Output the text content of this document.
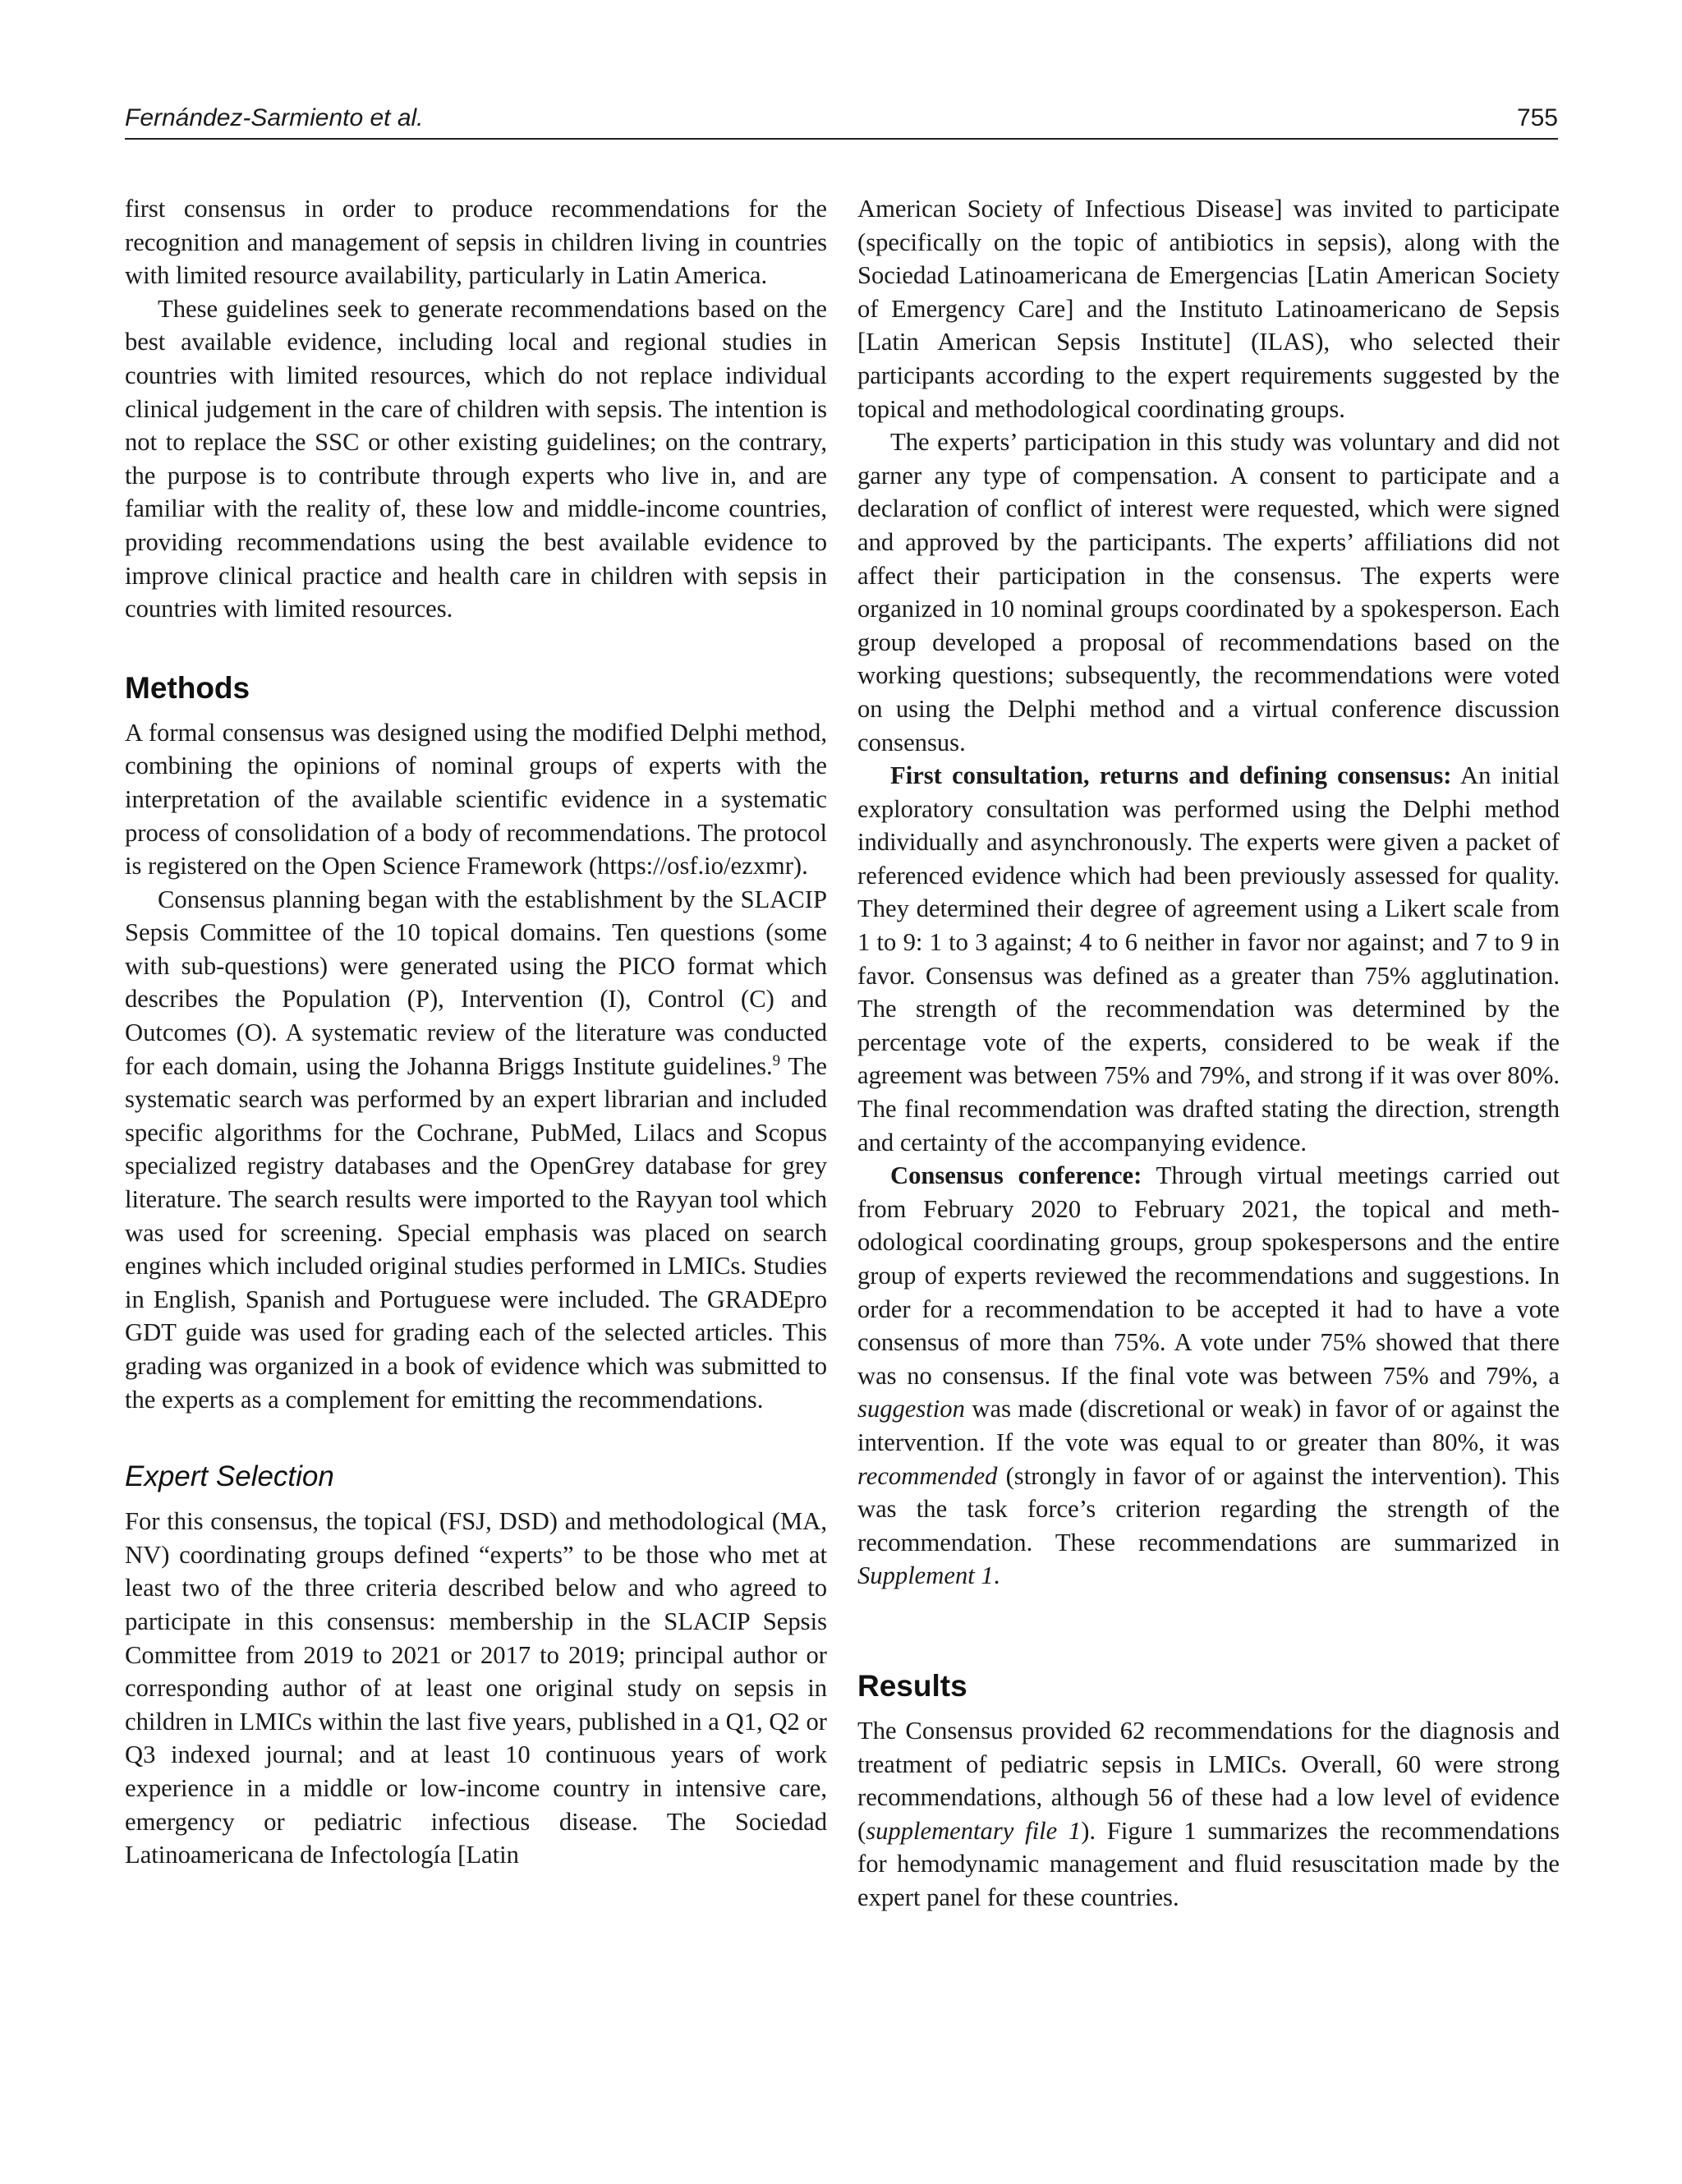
Fernández-Sarmiento et al.	755

first consensus in order to produce recommendations for the recognition and management of sepsis in children living in countries with limited resource availability, particularly in Latin America.

These guidelines seek to generate recommendations based on the best available evidence, including local and regional studies in countries with limited resources, which do not replace individual clinical judgement in the care of children with sepsis. The intention is not to replace the SSC or other existing guidelines; on the contrary, the purpose is to contribute through experts who live in, and are familiar with the reality of, these low and middle-income countries, providing recommendations using the best available evidence to improve clinical practice and health care in children with sepsis in countries with limited resources.

Methods

A formal consensus was designed using the modified Delphi method, combining the opinions of nominal groups of experts with the interpretation of the available scientific evidence in a systematic process of consolidation of a body of recommendations. The protocol is registered on the Open Science Framework (https://osf.io/ezxmr).

Consensus planning began with the establishment by the SLACIP Sepsis Committee of the 10 topical domains. Ten questions (some with sub-questions) were generated using the PICO format which describes the Population (P), Intervention (I), Control (C) and Outcomes (O). A systematic review of the literature was conducted for each domain, using the Johanna Briggs Institute guidelines.$^9$ The systematic search was performed by an expert librarian and included specific algorithms for the Cochrane, PubMed, Lilacs and Scopus specialized registry databases and the OpenGrey database for grey literature. The search results were imported to the Rayyan tool which was used for screening. Special emphasis was placed on search engines which included original studies performed in LMICs. Studies in English, Spanish and Portuguese were included. The GRADEpro GDT guide was used for grading each of the selected articles. This grading was organized in a book of evidence which was submitted to the experts as a complement for emitting the recommendations.

Expert Selection

For this consensus, the topical (FSJ, DSD) and methodological (MA, NV) coordinating groups defined “experts” to be those who met at least two of the three criteria described below and who agreed to participate in this consensus: membership in the SLACIP Sepsis Committee from 2019 to 2021 or 2017 to 2019; principal author or corresponding author of at least one original study on sepsis in children in LMICs within the last five years, published in a Q1, Q2 or Q3 indexed journal; and at least 10 continuous years of work experience in a middle or low-income country in intensive care, emergency or pediatric infectious disease. The Sociedad Latinoamericana de Infectología [Latin

American Society of Infectious Disease] was invited to participate (specifically on the topic of antibiotics in sepsis), along with the Sociedad Latinoamericana de Emergencias [Latin American Society of Emergency Care] and the Instituto Latinoamericano de Sepsis [Latin American Sepsis Institute] (ILAS), who selected their participants according to the expert requirements suggested by the topical and methodological coordinating groups.

The experts’ participation in this study was voluntary and did not garner any type of compensation. A consent to participate and a declaration of conflict of interest were requested, which were signed and approved by the participants. The experts’ affiliations did not affect their participation in the consensus. The experts were organized in 10 nominal groups coordinated by a spokesperson. Each group developed a proposal of recommendations based on the working questions; subsequently, the recommendations were voted on using the Delphi method and a virtual conference discussion consensus.

First consultation, returns and defining consensus: An initial exploratory consultation was performed using the Delphi method individually and asynchronously. The experts were given a packet of referenced evidence which had been previously assessed for quality. They determined their degree of agreement using a Likert scale from 1 to 9: 1 to 3 against; 4 to 6 neither in favor nor against; and 7 to 9 in favor. Consensus was defined as a greater than 75% agglutination. The strength of the recommendation was determined by the percentage vote of the experts, considered to be weak if the agreement was between 75% and 79%, and strong if it was over 80%. The final recommendation was drafted stating the direction, strength and certainty of the accompanying evidence.

Consensus conference: Through virtual meetings carried out from February 2020 to February 2021, the topical and methodological coordinating groups, group spokespersons and the entire group of experts reviewed the recommendations and suggestions. In order for a recommendation to be accepted it had to have a vote consensus of more than 75%. A vote under 75% showed that there was no consensus. If the final vote was between 75% and 79%, a suggestion was made (discretional or weak) in favor of or against the intervention. If the vote was equal to or greater than 80%, it was recommended (strongly in favor of or against the intervention). This was the task force’s criterion regarding the strength of the recommendation. These recommendations are summarized in Supplement 1.

Results

The Consensus provided 62 recommendations for the diagnosis and treatment of pediatric sepsis in LMICs. Overall, 60 were strong recommendations, although 56 of these had a low level of evidence (supplementary file 1). Figure 1 summarizes the recommendations for hemodynamic management and fluid resuscitation made by the expert panel for these countries.
